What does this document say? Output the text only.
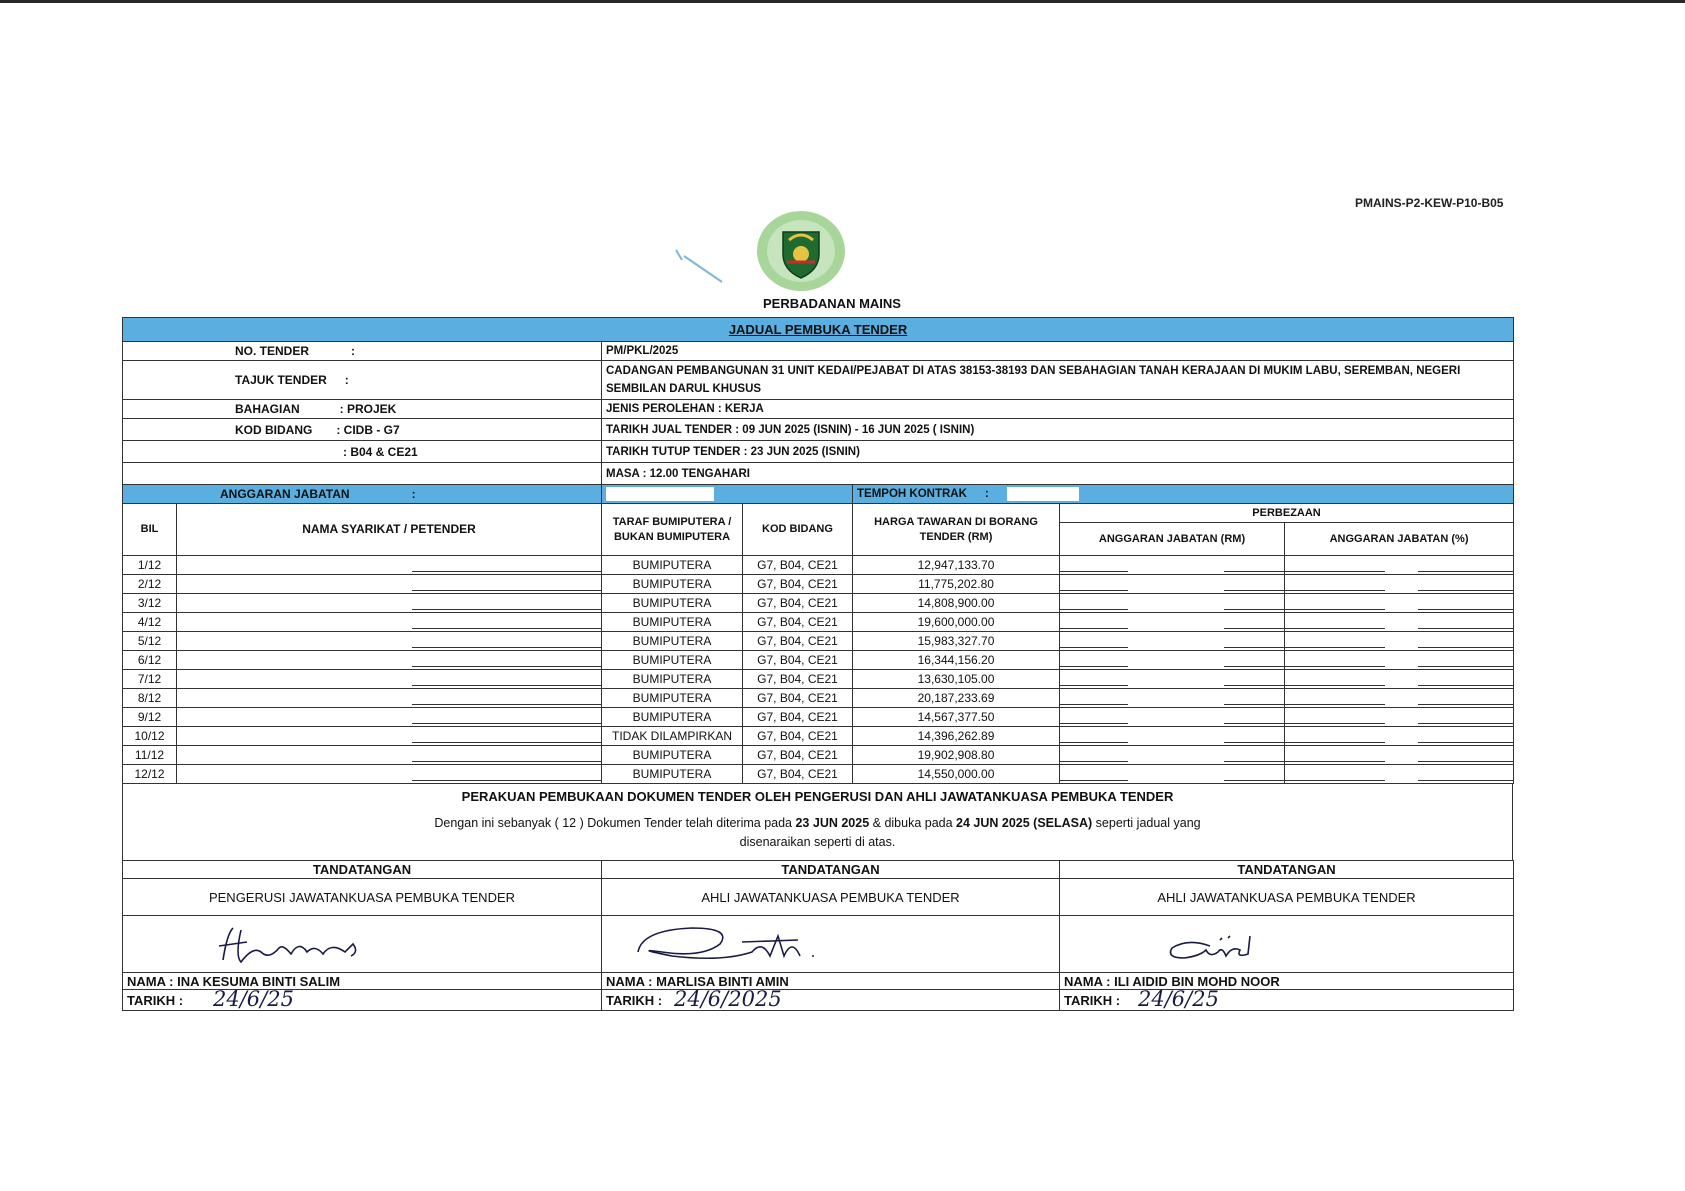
PMAINS-P2-KEW-P10-B05
PERBADANAN MAINS
JADUAL PEMBUKA TENDER						
NO. TENDER :		PM/PKL/2025				
TAJUK TENDER :		CADANGAN PEMBANGUNAN 31 UNIT KEDAI/PEJABAT DI ATAS 38153-38193 DAN SEBAHAGIAN TANAH KERAJAAN DI MUKIM LABU, SEREMBAN, NEGERI SEMBILAN DARUL KHUSUS				
BAHAGIAN : PROJEK		JENIS PEROLEHAN : KERJA				
KOD BIDANG : CIDB - G7		TARIKH JUAL TENDER : 09 JUN 2025 (ISNIN) - 16 JUN 2025 ( ISNIN)				
: B04 & CE21		TARIKH TUTUP TENDER : 23 JUN 2025 (ISNIN)				
		MASA : 12.00 TENGAHARI				
ANGGARAN JABATAN :				TEMPOH KONTRAK :		
BIL	NAMA SYARIKAT / PETENDER	TARAF BUMIPUTERA / BUKAN BUMIPUTERA	KOD BIDANG	HARGA TAWARAN DI BORANG TENDER (RM)	PERBEZAAN	
					ANGGARAN JABATAN (RM)	ANGGARAN JABATAN (%)
1/12		BUMIPUTERA	G7, B04, CE21	12,947,133.70		
2/12		BUMIPUTERA	G7, B04, CE21	11,775,202.80		
3/12		BUMIPUTERA	G7, B04, CE21	14,808,900.00		
4/12		BUMIPUTERA	G7, B04, CE21	19,600,000.00		
5/12		BUMIPUTERA	G7, B04, CE21	15,983,327.70		
6/12		BUMIPUTERA	G7, B04, CE21	16,344,156.20		
7/12		BUMIPUTERA	G7, B04, CE21	13,630,105.00		
8/12		BUMIPUTERA	G7, B04, CE21	20,187,233.69		
9/12		BUMIPUTERA	G7, B04, CE21	14,567,377.50		
10/12		TIDAK DILAMPIRKAN	G7, B04, CE21	14,396,262.89		
11/12		BUMIPUTERA	G7, B04, CE21	19,902,908.80		
12/12		BUMIPUTERA	G7, B04, CE21	14,550,000.00		
PERAKUAN PEMBUKAAN DOKUMEN TENDER OLEH PENGERUSI DAN AHLI JAWATANKUASA PEMBUKA TENDER
Dengan ini sebanyak ( 12 ) Dokumen Tender telah diterima pada 23 JUN 2025 & dibuka pada 24 JUN 2025 (SELASA) seperti jadual yang
disenaraikan seperti di atas.
TANDATANGAN	TANDATANGAN	TANDATANGAN
PENGERUSI JAWATANKUASA PEMBUKA TENDER	AHLI JAWATANKUASA PEMBUKA TENDER	AHLI JAWATANKUASA PEMBUKA TENDER

NAMA : INA KESUMA BINTI SALIM	NAMA : MARLISA BINTI AMIN	NAMA : ILI AIDID BIN MOHD NOOR
TARIKH : 24/6/25	TARIKH : 24/6/2025	TARIKH : 24/6/25
